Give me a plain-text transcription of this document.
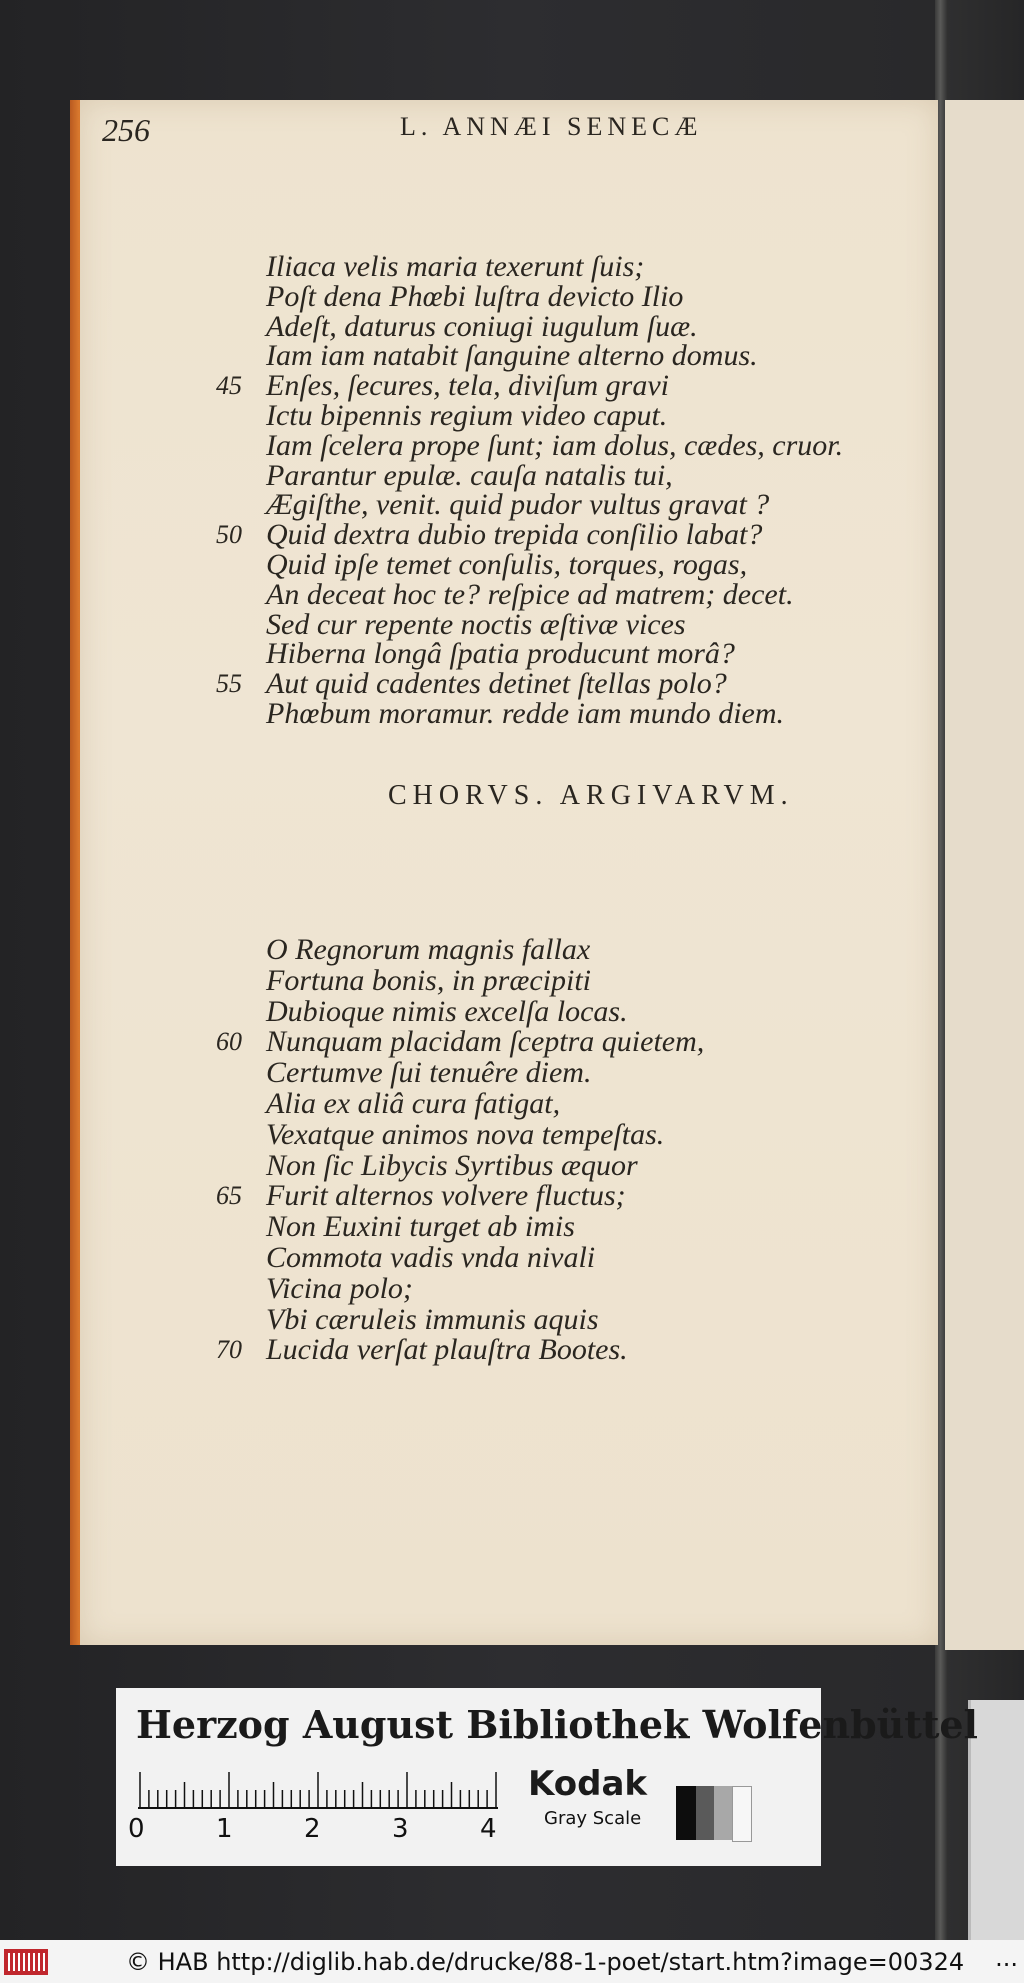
256	L. ANNÆI SENECÆ
Iliaca velis maria texerunt ſuis;
Poſt dena Phœbi luſtra devicto Ilio
Adeſt, daturus coniugi iugulum ſuæ.
Iam iam natabit ſanguine alterno domus.
45 Enſes, ſecures, tela, diviſum gravi
Ictu bipennis regium video caput.
Iam ſcelera prope ſunt; iam dolus, cædes, cruor.
Parantur epulæ. cauſa natalis tui,
Ægiſthe, venit. quid pudor vultus gravat ?
50 Quid dextra dubio trepida conſilio labat?
Quid ipſe temet conſulis, torques, rogas,
An deceat hoc te? reſpice ad matrem; decet.
Sed cur repente noctis æſtivæ vices
Hiberna longâ ſpatia producunt morâ?
55 Aut quid cadentes detinet ſtellas polo?
Phœbum moramur. redde iam mundo diem.
CHORVS. ARGIVARVM.
O Regnorum magnis fallax
Fortuna bonis, in præcipiti
Dubioque nimis excelſa locas.
60 Nunquam placidam ſceptra quietem,
Certumve ſui tenuêre diem.
Alia ex aliâ cura fatigat,
Vexatque animos nova tempeſtas.
Non ſic Libycis Syrtibus æquor
65 Furit alternos volvere fluctus;
Non Euxini turget ab imis
Commota vadis vnda nivali
Vicina polo;
Vbi cæruleis immunis aquis
70 Lucida verſat plauſtra Bootes.
Herzog August Bibliothek Wolfenbüttel
0	1	2	3	4
Kodak
Gray Scale
© HAB http://diglib.hab.de/drucke/88-1-poet/start.htm?image=00324 ...
